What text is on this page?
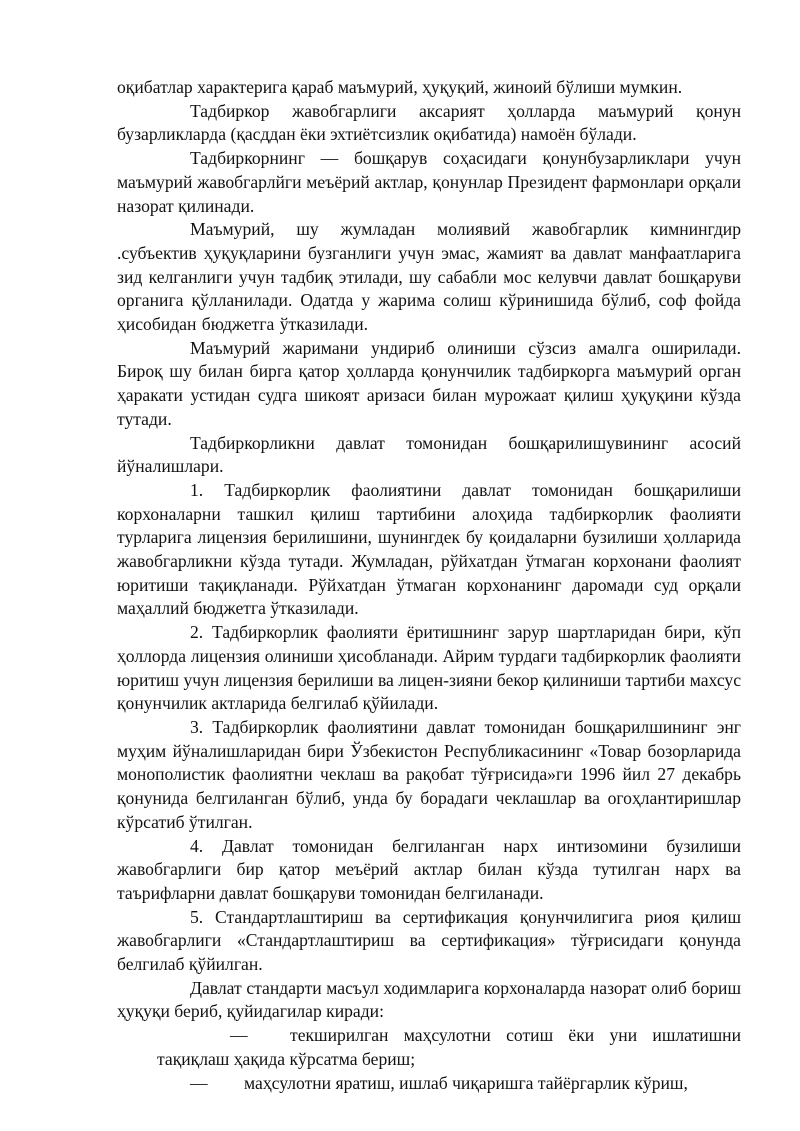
оқибатлар характерига қараб маъмурий, ҳуқуқий, жиноий бўлиши мумкин.

Тадбиркор жавобгарлиги аксарият ҳолларда маъмурий қонун бузарликларда (қасддан ёки эхтиётсизлик оқибатида) намоён бўлади.

Тадбиркорнинг — бошқарув соҳасидаги қонунбузарликлари учун маъмурий жавобгарлйги меъёрий актлар, қонунлар Президент фармонлари орқали назорат қилинади.

Маъмурий, шу жумладан молиявий жавобгарлик кимнингдир .субъектив ҳуқуқларини бузганлиги учун эмас, жамият ва давлат манфаатларига зид келганлиги учун тадбиқ этилади, шу сабабли мос келувчи давлат бошқаруви органига қўлланилади. Одатда у жарима солиш кўринишида бўлиб, соф фойда ҳисобидан бюджетга ўтказилади.

Маъмурий жаримани ундириб олиниши сўзсиз амалга оширилади. Бироқ шу билан бирга қатор ҳолларда қонунчилик тадбиркорга маъмурий орган ҳаракати устидан судга шикоят аризаси билан мурожаат қилиш ҳуқуқини кўзда тутади.

Тадбиркорликни давлат томонидан бошқарилишувининг асосий йўналишлари.

1. Тадбиркорлик фаолиятини давлат томонидан бошқарилиши корхоналарни ташкил қилиш тартибини алоҳида тадбиркорлик фаолияти турларига лицензия берилишини, шунингдек бу қоидаларни бузилиши ҳолларида жавобгарликни кўзда тутади. Жумладан, рўйхатдан ўтмаган корхонани фаолият юритиши тақиқланади. Рўйхатдан ўтмаган корхонанинг даромади суд орқали маҳаллий бюджетга ўтказилади.

2. Тадбиркорлик фаолияти ёритишнинг зарур шартларидан бири, кўп ҳоллорда лицензия олиниши ҳисобланади. Айрим турдаги тадбиркорлик фаолияти юритиш учун лицензия берилиши ва лицен-зияни бекор қилиниши тартиби махсус қонунчилик актларида белгилаб қўйилади.

3. Тадбиркорлик фаолиятини давлат томонидан бошқарилшининг энг муҳим йўналишларидан бири Ўзбекистон Республикасининг «Товар бозорларида монополистик фаолиятни чеклаш ва рақобат тўғрисида»ги 1996 йил 27 декабрь қонунида белгиланган бўлиб, унда бу борадаги чеклашлар ва огоҳлантиришлар кўрсатиб ўтилган.

4. Давлат томонидан белгиланган нарх интизомини бузилиши жавобгарлиги бир қатор меъёрий актлар билан кўзда тутилган нарх ва таърифларни давлат бошқаруви томонидан белгиланади.

5. Стандартлаштириш ва сертификация қонунчилигига риоя қилиш жавобгарлиги «Стандартлаштириш ва сертификация» тўғрисидаги қонунда белгилаб қўйилган.

Давлат стандарти масъул ходимларига корхоналарда назорат олиб бориш ҳуқуқи бериб, қуйидагилар киради:

— текширилган маҳсулотни сотиш ёки уни ишлатишни тақиқлаш ҳақида кўрсатма бериш;

— маҳсулотни яратиш, ишлаб чиқаришга тайёргарлик кўриш,
